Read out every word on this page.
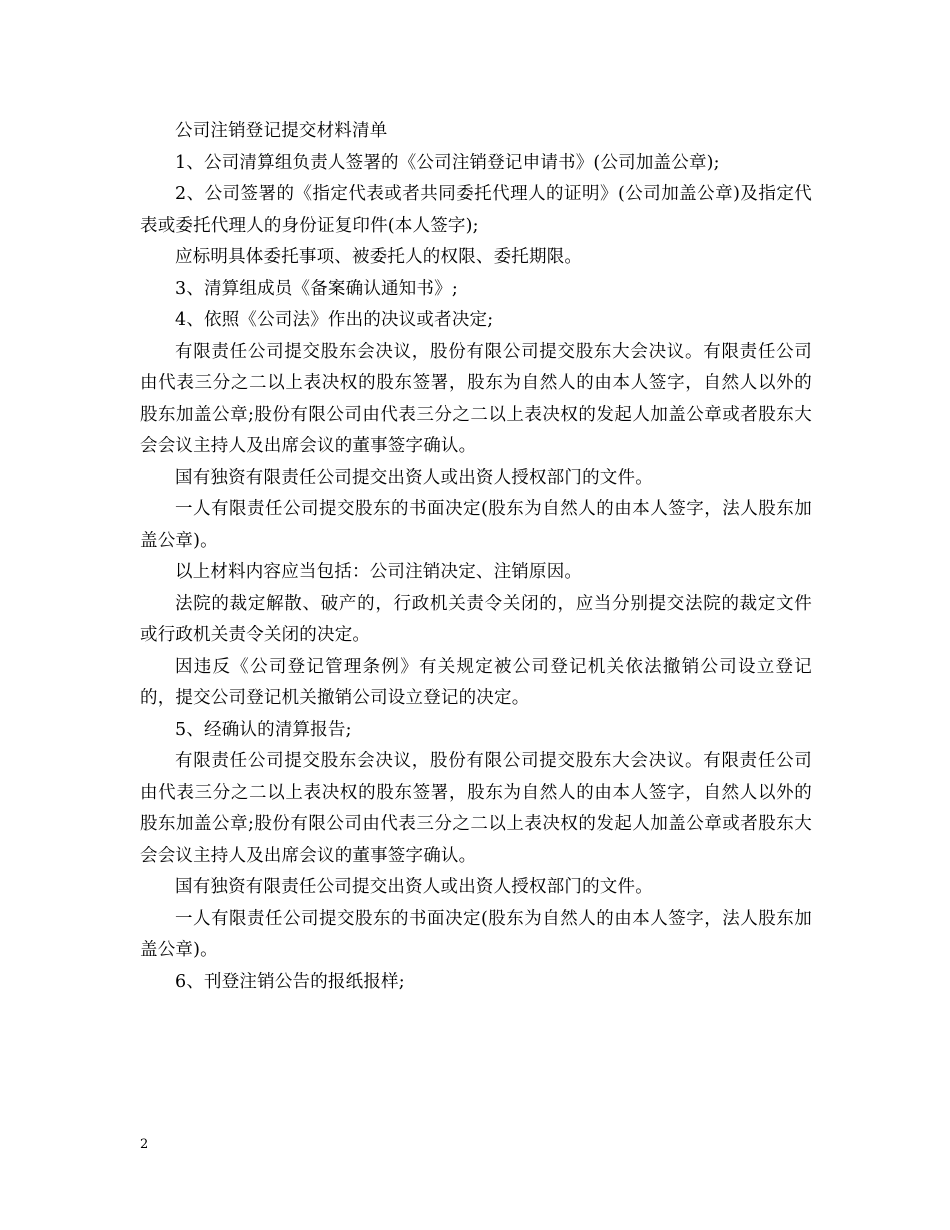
公司注销登记提交材料清单

1、公司清算组负责人签署的《公司注销登记申请书》(公司加盖公章);

2、公司签署的《指定代表或者共同委托代理人的证明》(公司加盖公章)及指定代表或委托代理人的身份证复印件(本人签字);

应标明具体委托事项、被委托人的权限、委托期限。

3、清算组成员《备案确认通知书》;

4、依照《公司法》作出的决议或者决定;

有限责任公司提交股东会决议，股份有限公司提交股东大会决议。有限责任公司由代表三分之二以上表决权的股东签署，股东为自然人的由本人签字，自然人以外的股东加盖公章;股份有限公司由代表三分之二以上表决权的发起人加盖公章或者股东大会会议主持人及出席会议的董事签字确认。

国有独资有限责任公司提交出资人或出资人授权部门的文件。

一人有限责任公司提交股东的书面决定(股东为自然人的由本人签字，法人股东加盖公章)。

以上材料内容应当包括：公司注销决定、注销原因。

法院的裁定解散、破产的，行政机关责令关闭的，应当分别提交法院的裁定文件或行政机关责令关闭的决定。

因违反《公司登记管理条例》有关规定被公司登记机关依法撤销公司设立登记的，提交公司登记机关撤销公司设立登记的决定。

5、经确认的清算报告;

有限责任公司提交股东会决议，股份有限公司提交股东大会决议。有限责任公司由代表三分之二以上表决权的股东签署，股东为自然人的由本人签字，自然人以外的股东加盖公章;股份有限公司由代表三分之二以上表决权的发起人加盖公章或者股东大会会议主持人及出席会议的董事签字确认。

国有独资有限责任公司提交出资人或出资人授权部门的文件。

一人有限责任公司提交股东的书面决定(股东为自然人的由本人签字，法人股东加盖公章)。

6、刊登注销公告的报纸报样;

2
